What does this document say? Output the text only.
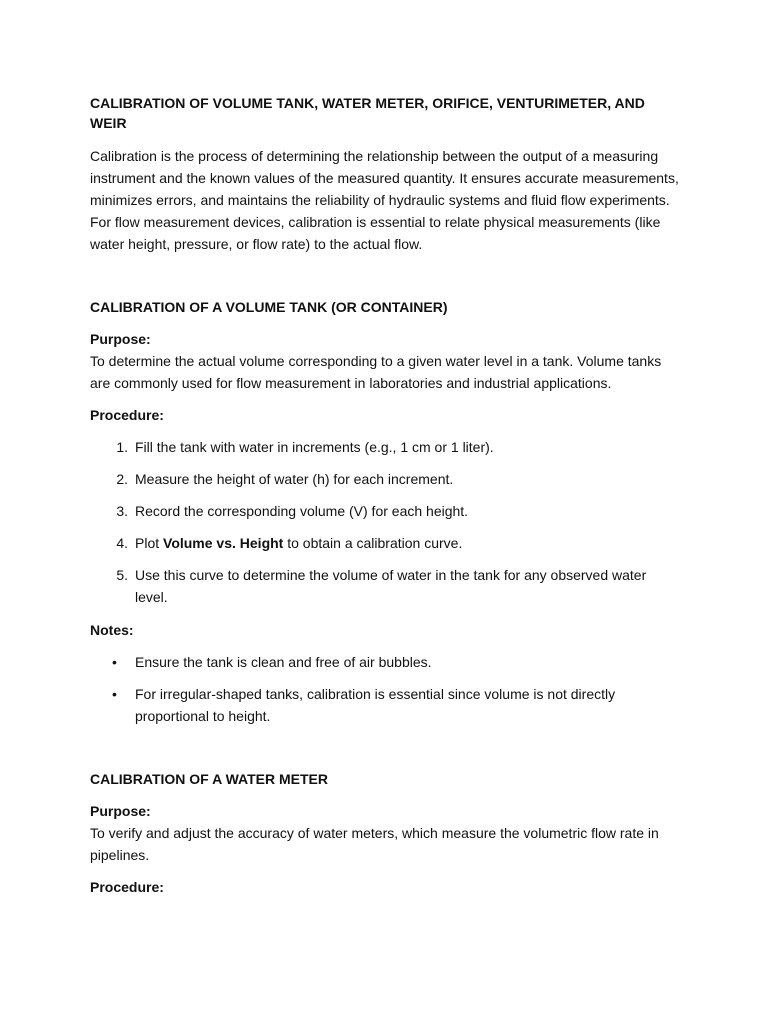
CALIBRATION OF VOLUME TANK, WATER METER, ORIFICE, VENTURIMETER, AND WEIR

Calibration is the process of determining the relationship between the output of a measuring instrument and the known values of the measured quantity. It ensures accurate measurements, minimizes errors, and maintains the reliability of hydraulic systems and fluid flow experiments. For flow measurement devices, calibration is essential to relate physical measurements (like water height, pressure, or flow rate) to the actual flow.

CALIBRATION OF A VOLUME TANK (OR CONTAINER)

Purpose:
To determine the actual volume corresponding to a given water level in a tank. Volume tanks are commonly used for flow measurement in laboratories and industrial applications.
Procedure:
1. Fill the tank with water in increments (e.g., 1 cm or 1 liter).
2. Measure the height of water (h) for each increment.
3. Record the corresponding volume (V) for each height.
4. Plot Volume vs. Height to obtain a calibration curve.
5. Use this curve to determine the volume of water in the tank for any observed water level.
Notes:
•	Ensure the tank is clean and free of air bubbles.
•	For irregular-shaped tanks, calibration is essential since volume is not directly proportional to height.

CALIBRATION OF A WATER METER

Purpose:
To verify and adjust the accuracy of water meters, which measure the volumetric flow rate in pipelines.
Procedure:
